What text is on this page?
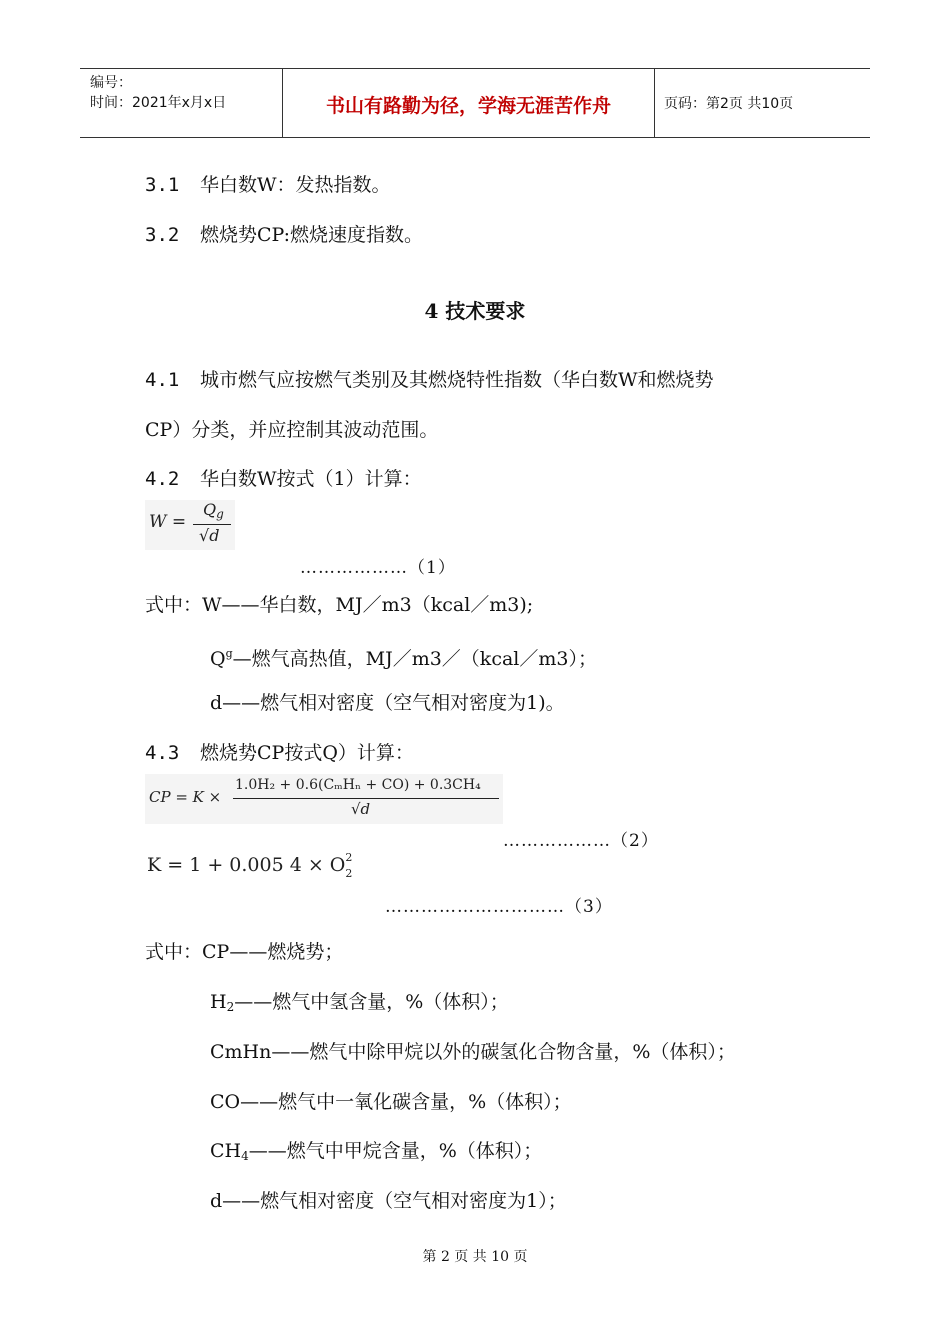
编号：
时间：2021年x月x日	书山有路勤为径，学海无涯苦作舟	页码：第2页 共10页
3.1 华白数W：发热指数。
3.2 燃烧势CP:燃烧速度指数。
4 技术要求
4.1 城市燃气应按燃气类别及其燃烧特性指数（华白数W和燃烧势
CP）分类，并应控制其波动范围。
4.2 华白数W按式（1）计算：
W =
$Q_g$
√d
………………（1）
式中：W——华白数，MJ／m3（kcal／m3);
$Q^g—$燃气高热值，MJ／m3／（kcal／m3）；
d——燃气相对密度（空气相对密度为1)。
4.3 燃烧势CP按式Q）计算：
CP = K ×
1.0H₂ + 0.6(CₘHₙ + CO) + 0.3CH₄
√d
………………（2）
K = 1 + 0.005 4 × O 2
2
…………………………（3）
式中：CP——燃烧势；
$H_2——$燃气中氢含量，%（体积）；
CmHn——燃气中除甲烷以外的碳氢化合物含量，%（体积）；
CO——燃气中一氧化碳含量，%（体积）；
$CH_4——$燃气中甲烷含量，%（体积）；
d——燃气相对密度（空气相对密度为1）；
第 2 页 共 10 页
